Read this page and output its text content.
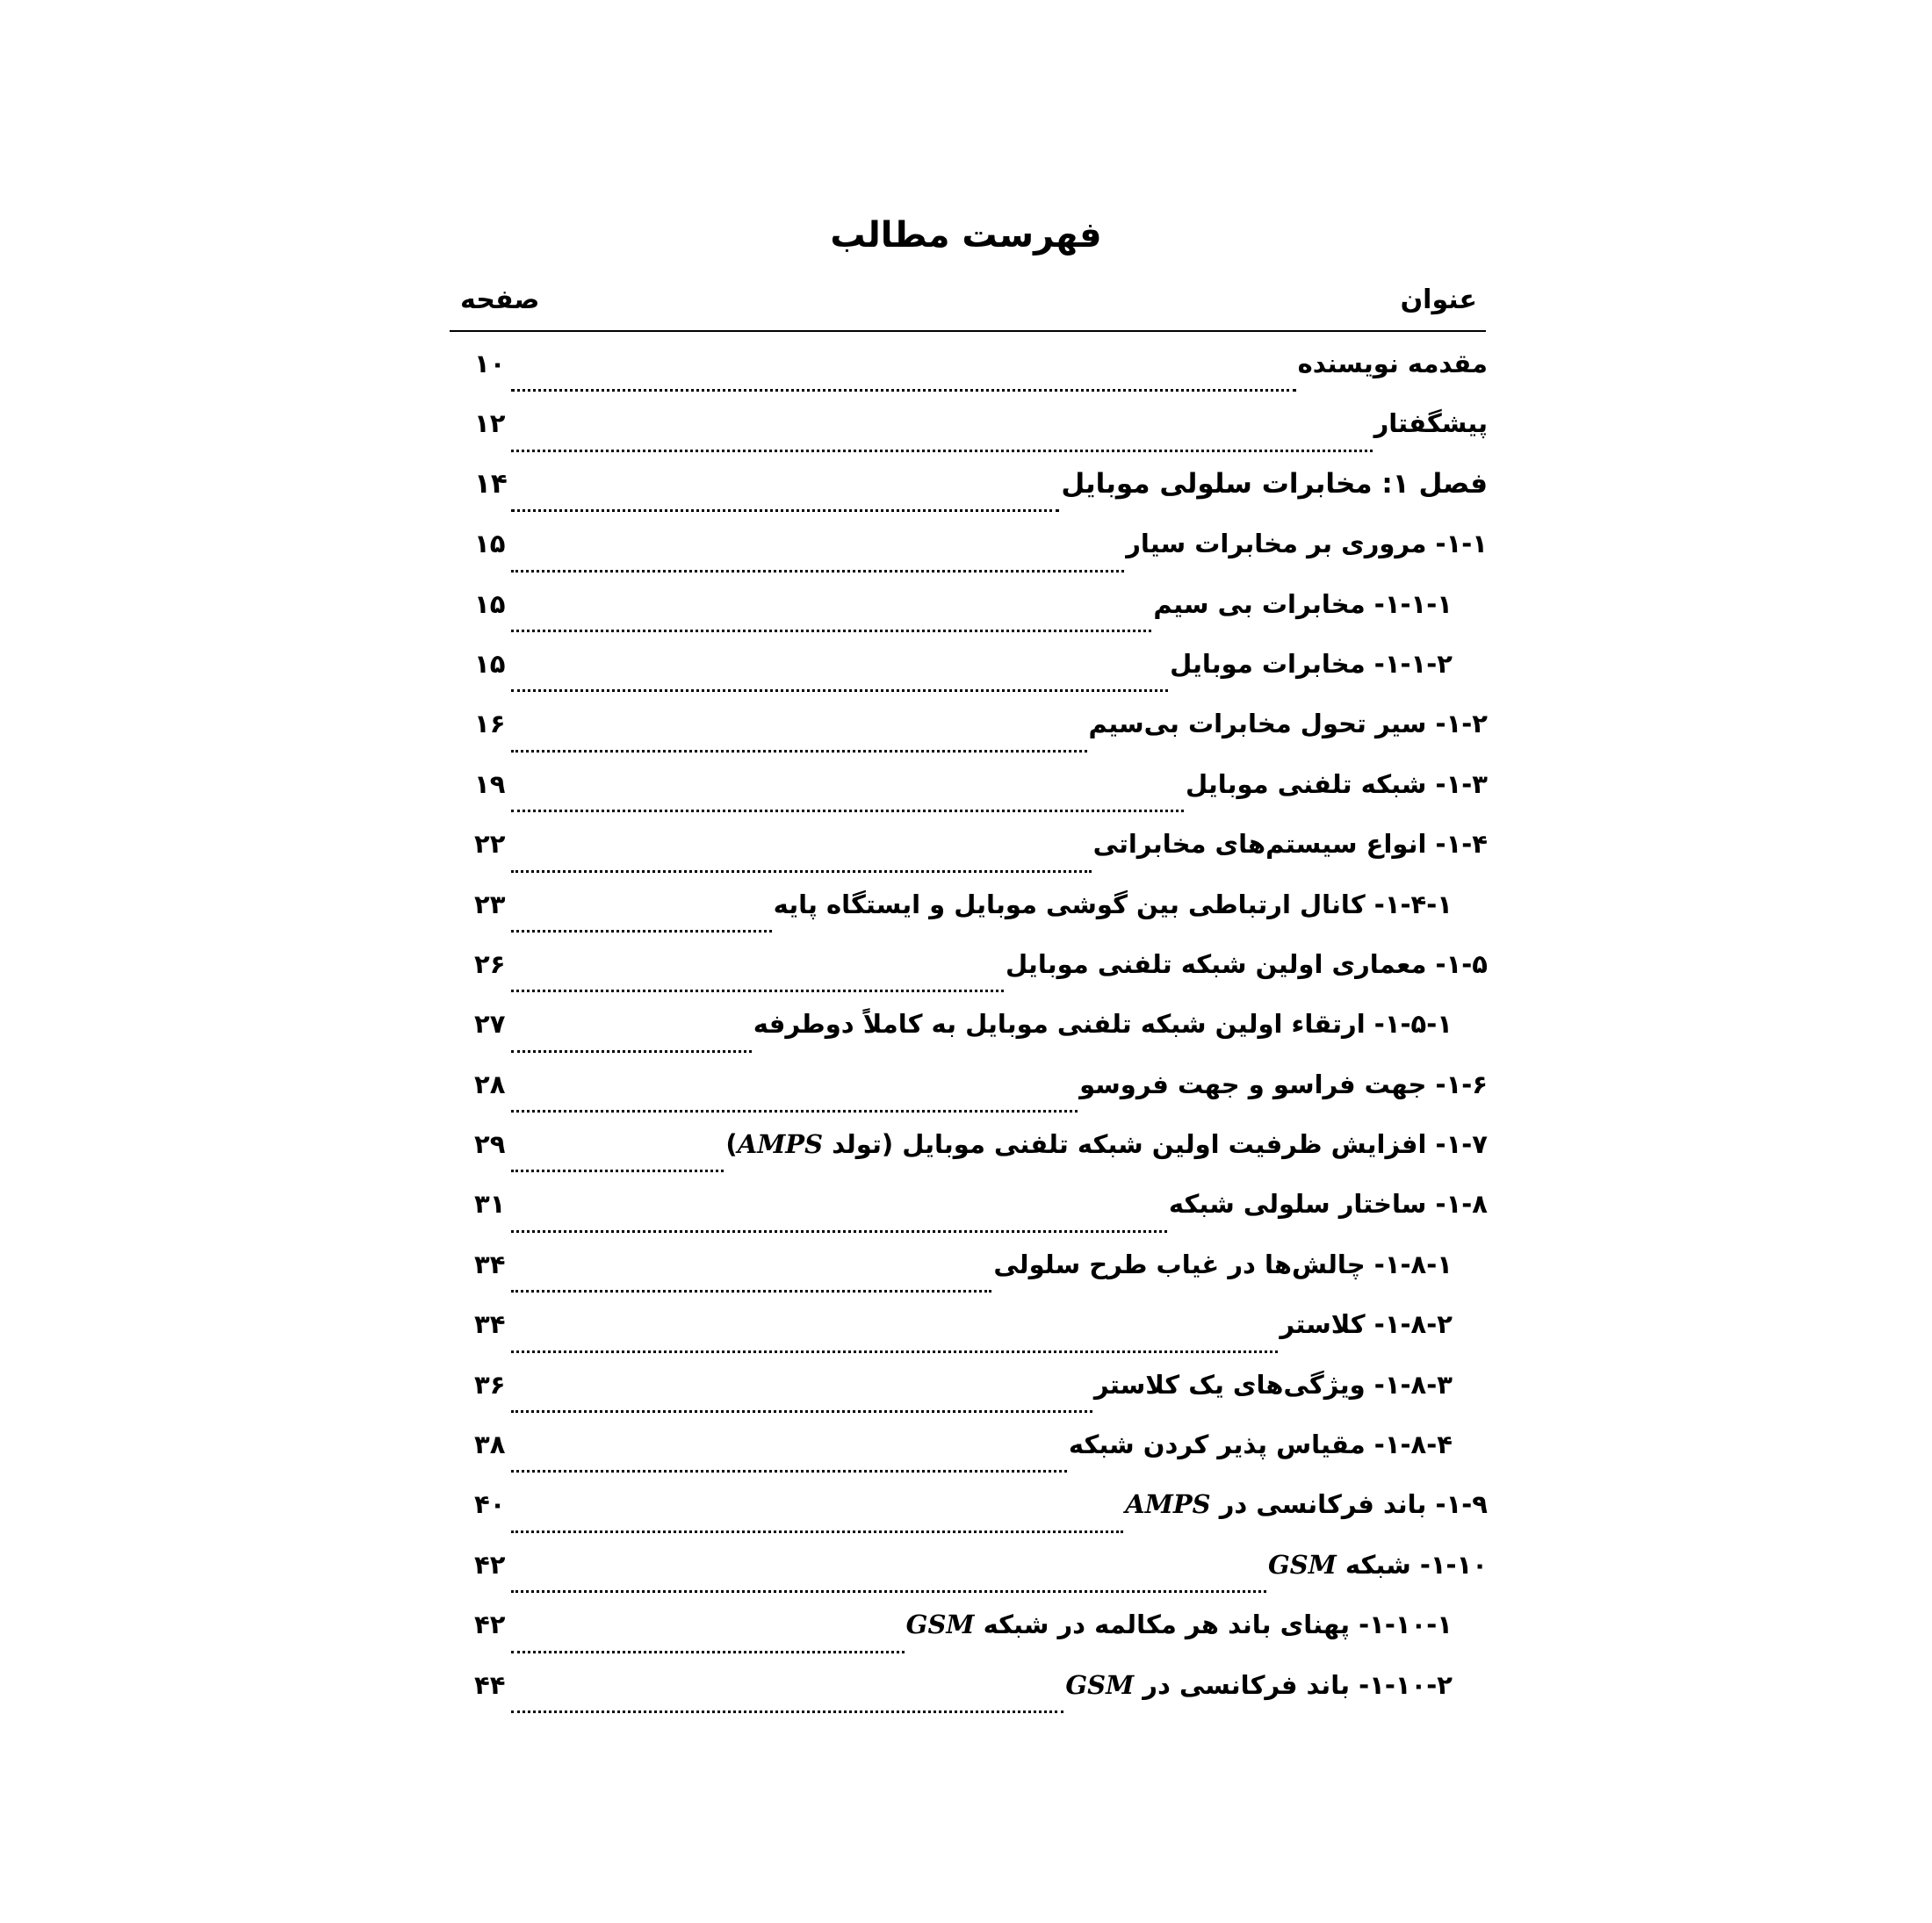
فهرست مطالب
عنوان
صفحه
مقدمه نویسنده
۱۰
پیشگفتار
۱۲
فصل ۱: مخابرات سلولی موبایل
۱۴
۱-۱- مروری بر مخابرات سیار
۱۵
۱-۱-۱- مخابرات بی سیم
۱۵
۱-۱-۲- مخابرات موبایل
۱۵
۱-۲- سیر تحول مخابرات بی‌سیم
۱۶
۱-۳- شبکه تلفنی موبایل
۱۹
۱-۴- انواع سیستم‌های مخابراتی
۲۲
۱-۴-۱- کانال ارتباطی بین گوشی موبایل و ایستگاه پایه
۲۳
۱-۵- معماری اولین شبکه تلفنی موبایل
۲۶
۱-۵-۱- ارتقاء اولین شبکه تلفنی موبایل به کاملاً دوطرفه
۲۷
۱-۶- جهت فراسو و جهت فروسو
۲۸
۱-۷- افزایش ظرفیت اولین شبکه تلفنی موبایل (تولد AMPS)
۲۹
۱-۸- ساختار سلولی شبکه
۳۱
۱-۸-۱- چالش‌ها در غیاب طرح سلولی
۳۴
۱-۸-۲- کلاستر
۳۴
۱-۸-۳- ویژگی‌های یک کلاستر
۳۶
۱-۸-۴- مقیاس پذیر کردن شبکه
۳۸
۱-۹- باند فرکانسی در AMPS
۴۰
۱-۱۰- شبکه GSM
۴۲
۱-۱۰-۱- پهنای باند هر مکالمه در شبکه GSM
۴۲
۱-۱۰-۲- باند فرکانسی در GSM
۴۴
